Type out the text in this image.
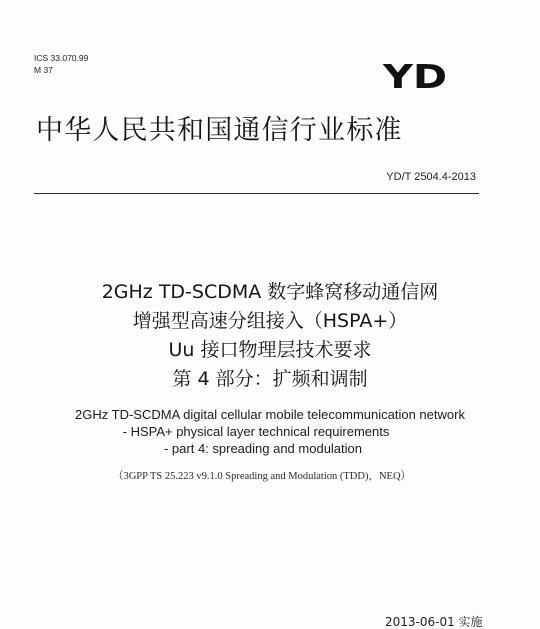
ICS 33.070.99
M 37	YD
中华人民共和国通信行业标准
YD/T 2504.4-2013
2GHz TD-SCDMA 数字蜂窝移动通信网
增强型高速分组接入（HSPA+）
Uu 接口物理层技术要求
第 4 部分：扩频和调制
2GHz TD-SCDMA digital cellular mobile telecommunication network
- HSPA+ physical layer technical requirements
- part 4: spreading and modulation
（3GPP TS 25.223 v9.1.0 Spreading and Modulation (TDD)，NEQ）
2013-06-01 实施
